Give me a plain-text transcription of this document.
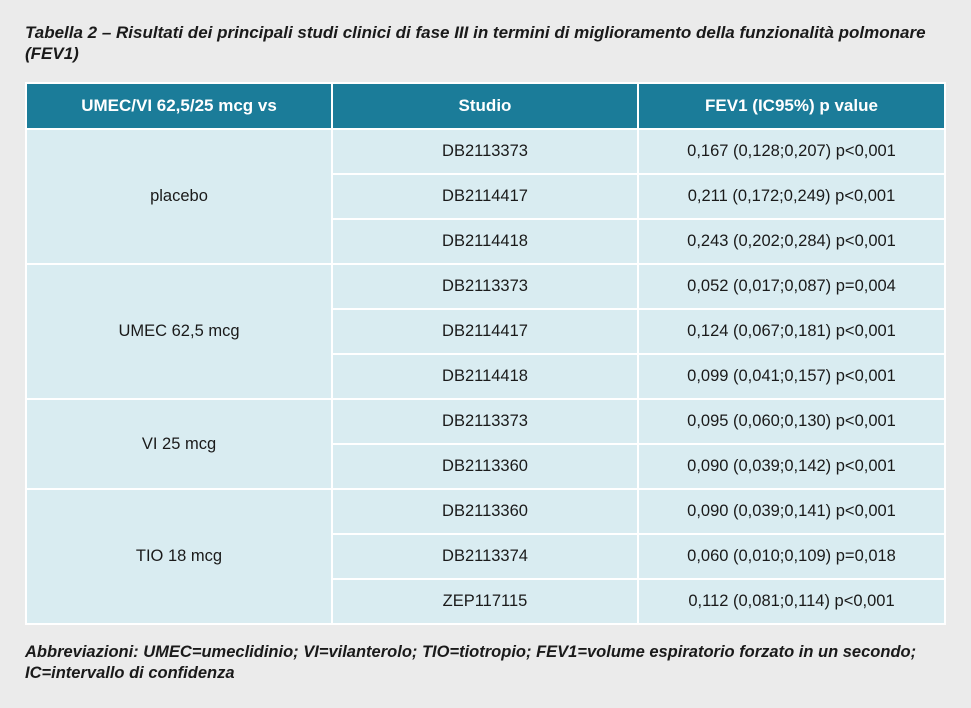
Tabella 2 – Risultati dei principali studi clinici di fase III in termini di miglioramento della funzionalità polmonare (FEV1)
UMEC/VI 62,5/25 mcg vs	Studio	FEV1 (IC95%) p value
placebo	DB2113373	0,167 (0,128;0,207) p<0,001
	DB2114417	0,211 (0,172;0,249) p<0,001
	DB2114418	0,243 (0,202;0,284) p<0,001
UMEC 62,5 mcg	DB2113373	0,052 (0,017;0,087) p=0,004
	DB2114417	0,124 (0,067;0,181) p<0,001
	DB2114418	0,099 (0,041;0,157) p<0,001
VI 25 mcg	DB2113373	0,095 (0,060;0,130) p<0,001
	DB2113360	0,090 (0,039;0,142) p<0,001
TIO 18 mcg	DB2113360	0,090 (0,039;0,141) p<0,001
	DB2113374	0,060 (0,010;0,109) p=0,018
	ZEP117115	0,112 (0,081;0,114) p<0,001
Abbreviazioni: UMEC=umeclidinio; VI=vilanterolo; TIO=tiotropio; FEV1=volume espiratorio forzato in un secondo; IC=intervallo di confidenza
